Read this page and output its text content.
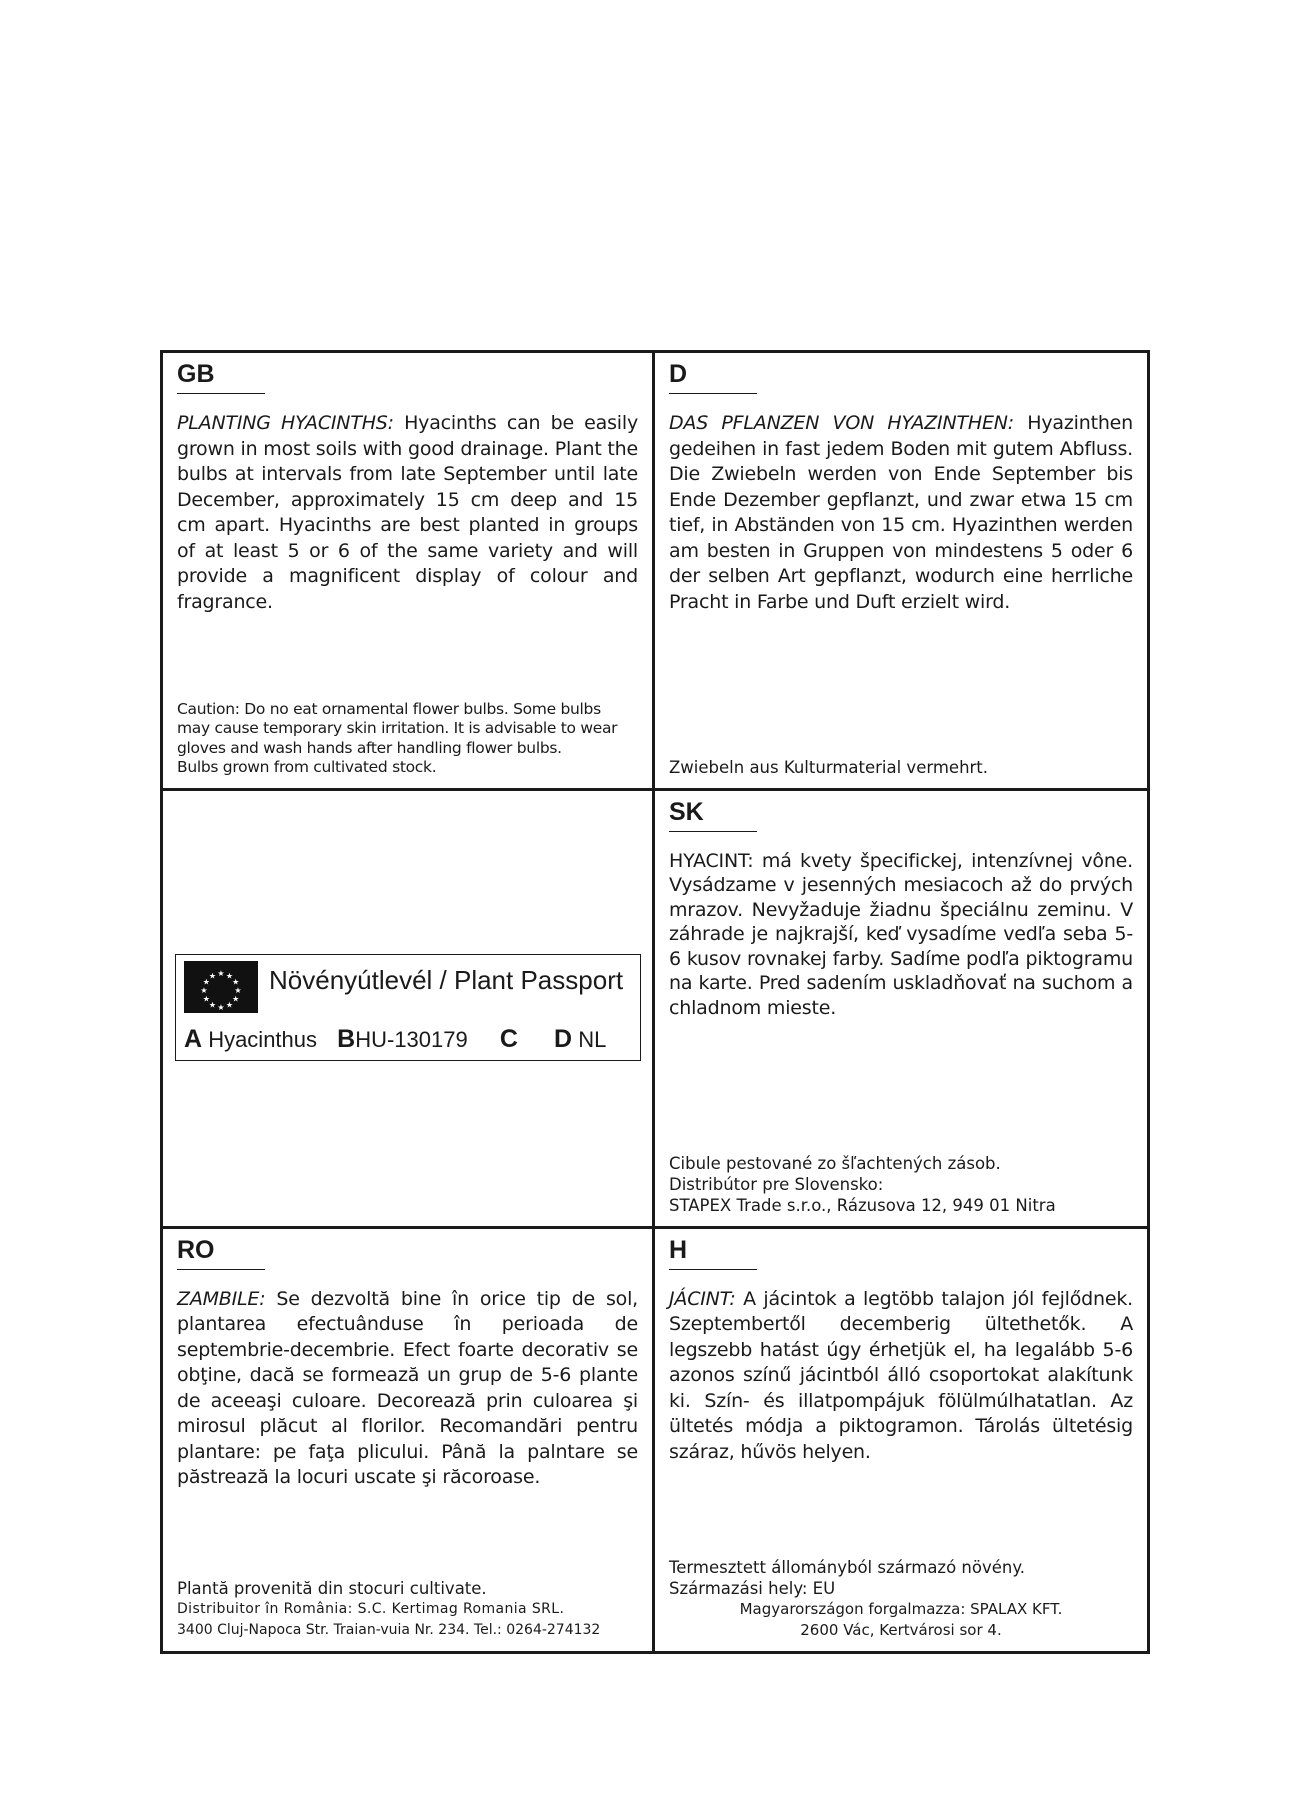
GB
PLANTING HYACINTHS: Hyacinths can be easily grown in most soils with good drainage. Plant the bulbs at intervals from late September until late December, approximately 15 cm deep and 15 cm apart. Hyacinths are best planted in groups of at least 5 or 6 of the same variety and will provide a magnificent display of colour and fragrance.
Caution: Do no eat ornamental flower bulbs. Some bulbs may cause temporary skin irritation. It is advisable to wear gloves and wash hands after handling flower bulbs.
Bulbs grown from cultivated stock.
D
DAS PFLANZEN VON HYAZINTHEN: Hyazinthen gedeihen in fast jedem Boden mit gutem Abfluss. Die Zwiebeln werden von Ende September bis Ende Dezember gepflanzt, und zwar etwa 15 cm tief, in Abständen von 15 cm. Hyazinthen werden am besten in Gruppen von mindestens 5 oder 6 der selben Art gepflanzt, wodurch eine herrliche Pracht in Farbe und Duft erzielt wird.
Zwiebeln aus Kulturmaterial vermehrt.
★ ★
★
★
★
★
★
★
★
★
★
★ Növényútlevél / Plant Passport
A Hyacinthus BHU-130179 C D NL
SK
HYACINT: má kvety špecifickej, intenzívnej vône. Vysádzame v jesenných mesiacoch až do prvých mrazov. Nevyžaduje žiadnu špeciálnu zeminu. V záhrade je najkrajší, keď vysadíme vedľa seba 5-6 kusov rovnakej farby. Sadíme podľa piktogramu na karte. Pred sadením uskladňovať na suchom a chladnom mieste.
Cibule pestované zo šľachtených zásob.
Distribútor pre Slovensko:
STAPEX Trade s.r.o., Rázusova 12, 949 01 Nitra
RO
ZAMBILE: Se dezvoltă bine în orice tip de sol, plantarea efectuânduse în perioada de septembrie-decembrie. Efect foarte decorativ se obţine, dacă se formează un grup de 5-6 plante de aceeaşi culoare. Decorează prin culoarea şi mirosul plăcut al florilor. Recomandări pentru plantare: pe faţa plicului. Până la palntare se păstrează la locuri uscate şi răcoroase.
Plantă provenită din stocuri cultivate.
Distribuitor în România: S.C. Kertimag Romania SRL.
3400 Cluj-Napoca Str. Traian-vuia Nr. 234. Tel.: 0264-274132
H
JÁCINT: A jácintok a legtöbb talajon jól fejlődnek. Szeptembertől decemberig ültethetők. A legszebb hatást úgy érhetjük el, ha legalább 5-6 azonos színű jácintból álló csoportokat alakítunk ki. Szín- és illatpompájuk fölülmúlhatatlan. Az ültetés módja a piktogramon. Tárolás ültetésig száraz, hűvös helyen.
Termesztett állományból származó növény.
Származási hely: EU
Magyarországon forgalmazza: SPALAX KFT.
2600 Vác, Kertvárosi sor 4.
